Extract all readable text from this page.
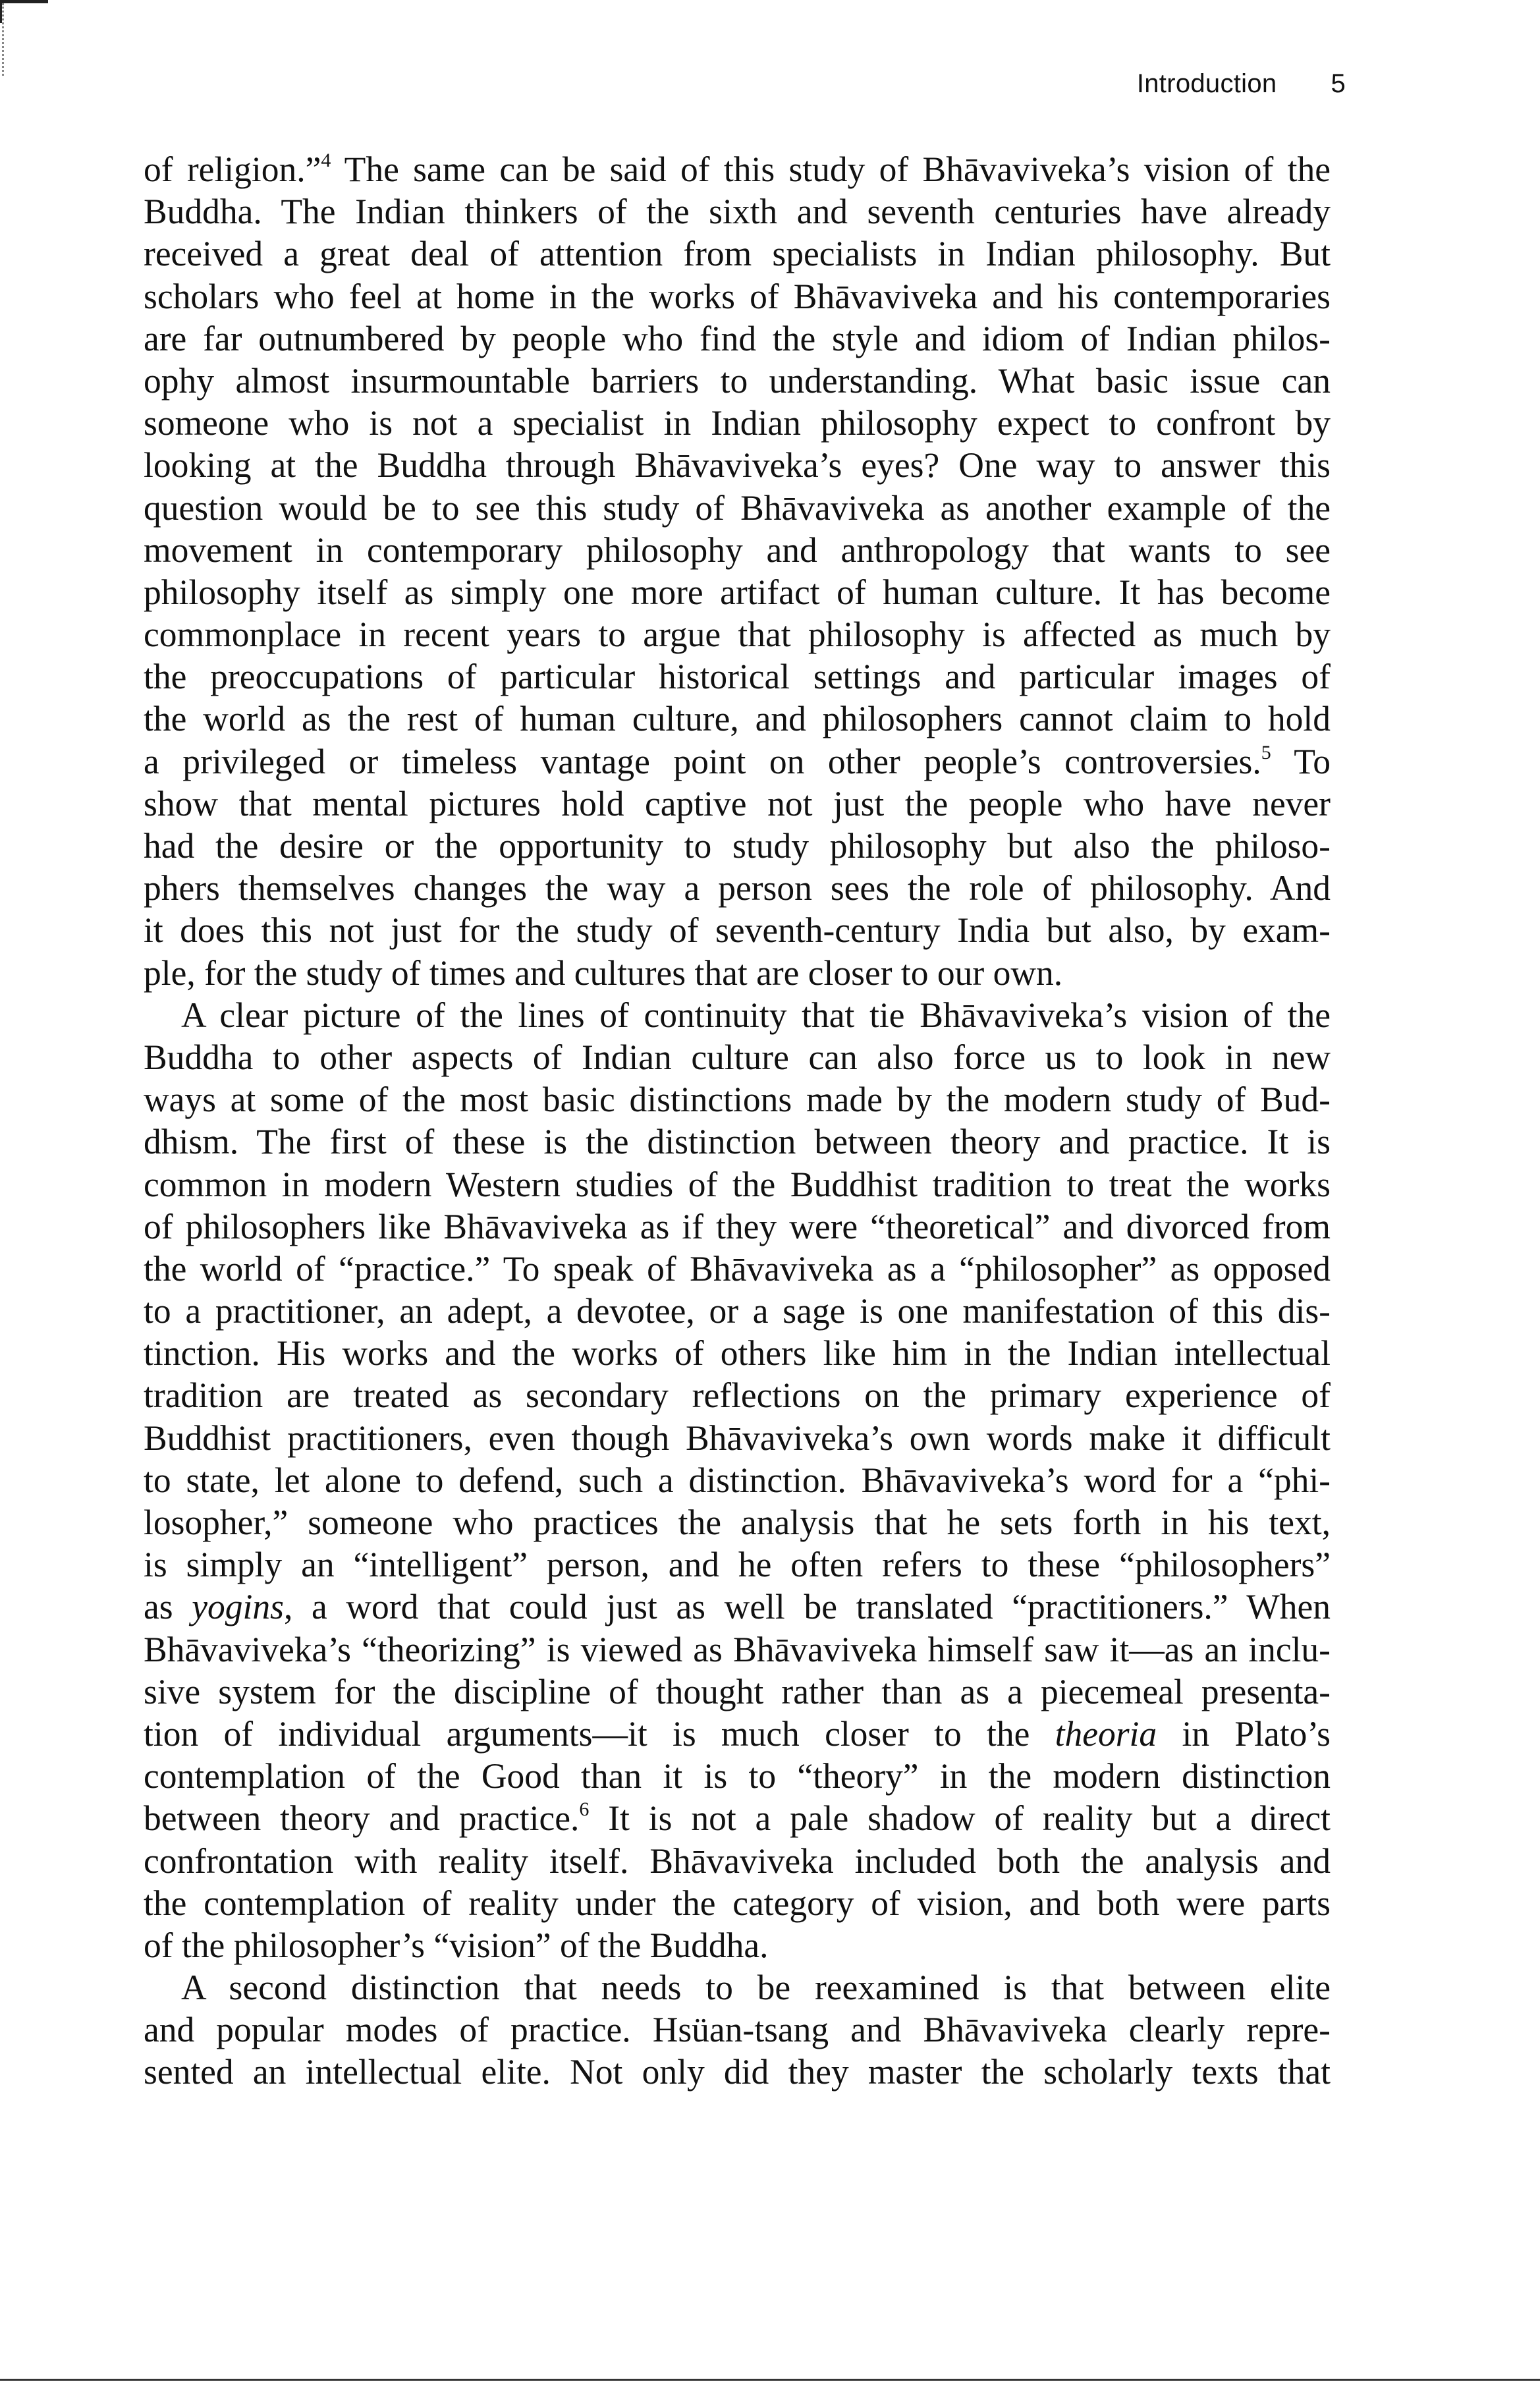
Introduction 5
of religion.”$^4$ The same can be said of this study of Bhāvaviveka’s vision of the
Buddha. The Indian thinkers of the sixth and seventh centuries have already
received a great deal of attention from specialists in Indian philosophy. But
scholars who feel at home in the works of Bhāvaviveka and his contemporaries
are far outnumbered by people who find the style and idiom of Indian philos-
ophy almost insurmountable barriers to understanding. What basic issue can
someone who is not a specialist in Indian philosophy expect to confront by
looking at the Buddha through Bhāvaviveka’s eyes? One way to answer this
question would be to see this study of Bhāvaviveka as another example of the
movement in contemporary philosophy and anthropology that wants to see
philosophy itself as simply one more artifact of human culture. It has become
commonplace in recent years to argue that philosophy is affected as much by
the preoccupations of particular historical settings and particular images of
the world as the rest of human culture, and philosophers cannot claim to hold
a privileged or timeless vantage point on other people’s controversies.$^5$ To
show that mental pictures hold captive not just the people who have never
had the desire or the opportunity to study philosophy but also the philoso-
phers themselves changes the way a person sees the role of philosophy. And
it does this not just for the study of seventh-century India but also, by exam-
ple, for the study of times and cultures that are closer to our own.
A clear picture of the lines of continuity that tie Bhāvaviveka’s vision of the
Buddha to other aspects of Indian culture can also force us to look in new
ways at some of the most basic distinctions made by the modern study of Bud-
dhism. The first of these is the distinction between theory and practice. It is
common in modern Western studies of the Buddhist tradition to treat the works
of philosophers like Bhāvaviveka as if they were “theoretical” and divorced from
the world of “practice.” To speak of Bhāvaviveka as a “philosopher” as opposed
to a practitioner, an adept, a devotee, or a sage is one manifestation of this dis-
tinction. His works and the works of others like him in the Indian intellectual
tradition are treated as secondary reflections on the primary experience of
Buddhist practitioners, even though Bhāvaviveka’s own words make it difficult
to state, let alone to defend, such a distinction. Bhāvaviveka’s word for a “phi-
losopher,” someone who practices the analysis that he sets forth in his text,
is simply an “intelligent” person, and he often refers to these “philosophers”
as yogins, a word that could just as well be translated “practitioners.” When
Bhāvaviveka’s “theorizing” is viewed as Bhāvaviveka himself saw it—as an inclu-
sive system for the discipline of thought rather than as a piecemeal presenta-
tion of individual arguments—it is much closer to the theoria in Plato’s
contemplation of the Good than it is to “theory” in the modern distinction
between theory and practice.$^6$ It is not a pale shadow of reality but a direct
confrontation with reality itself. Bhāvaviveka included both the analysis and
the contemplation of reality under the category of vision, and both were parts
of the philosopher’s “vision” of the Buddha.
A second distinction that needs to be reexamined is that between elite
and popular modes of practice. Hsüan-tsang and Bhāvaviveka clearly repre-
sented an intellectual elite. Not only did they master the scholarly texts that
